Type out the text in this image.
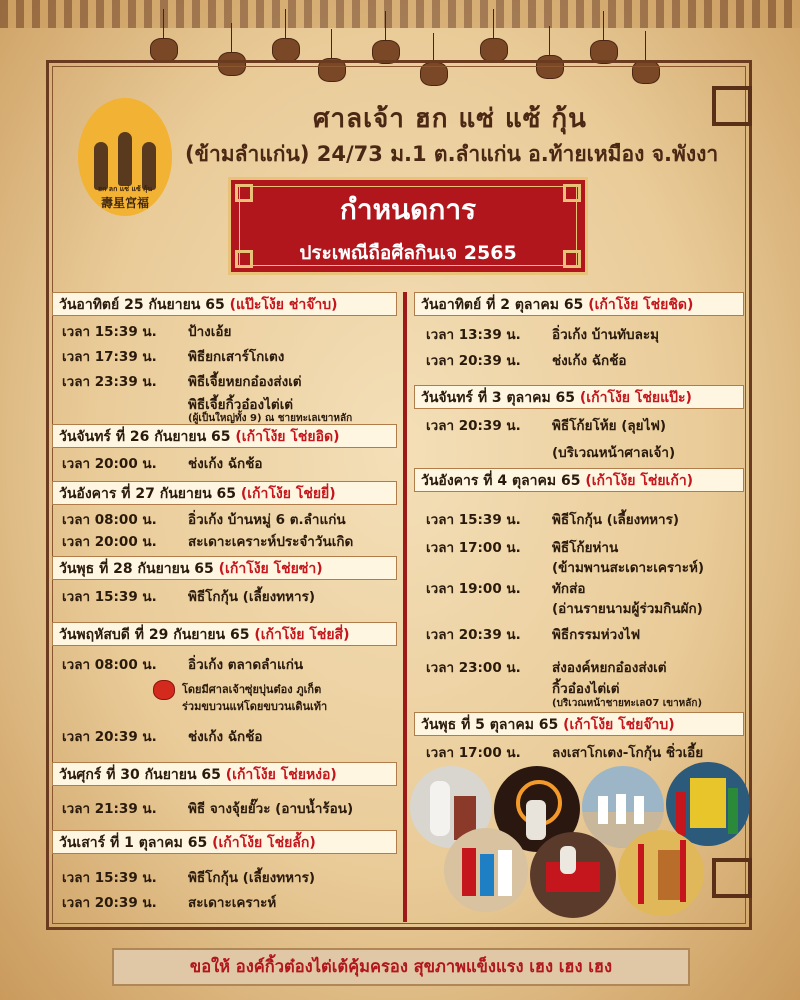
ฮก ลก แซ่ แซ้ กุ้น
壽星宮福
ศาลเจ้า ฮก แซ่ แซ้ กุ้น
(ข้ามลำแก่น) 24/73 ม.1 ต.ลำแก่น อ.ท้ายเหมือง จ.พังงา
กำหนดการ
ประเพณีถือศีลกินเจ 2565
วันอาทิตย์ 25 กันยายน 65 (แป๊ะโง้ย ช่าจ๊าบ)
เวลา 15:39 น. ป้างเอ้ย
เวลา 17:39 น. พิธียกเสาร์โกเตง
เวลา 23:39 น. พิธีเจี้ยหยกอ๋องส่งเต่
พิธีเจี้ยกิ้วอ๋องไต่เต่
(ผู้เป็นใหญ่ทั้ง 9) ณ ชายทะเลเขาหลัก
วันจันทร์ ที่ 26 กันยายน 65 (เก้าโง้ย โช่ยอิด)
เวลา 20:00 น. ช่งเก้ง ฉักช้อ
วันอังคาร ที่ 27 กันยายน 65 (เก้าโง้ย โช่ยยี่)
เวลา 08:00 น. อิ่วเก้ง บ้านหมู่ 6 ต.ลำแก่น
เวลา 20:00 น. สะเดาะเคราะห์ประจำวันเกิด
วันพุธ ที่ 28 กันยายน 65 (เก้าโง้ย โช่ยซ่า)
เวลา 15:39 น. พิธีโกกุ้น (เลี้ยงทหาร)
วันพฤหัสบดี ที่ 29 กันยายน 65 (เก้าโง้ย โช่ยสี่)
เวลา 08:00 น. อิ่วเก้ง ตลาดลำแก่น
โดยมีศาลเจ้าซุ่ยบุ่นต๋อง ภูเก็ต
ร่วมขบวนแห่โดยขบวนเดินเท้า
เวลา 20:39 น. ช่งเก้ง ฉักช้อ
วันศุกร์ ที่ 30 กันยายน 65 (เก้าโง้ย โช่ยหง่อ)
เวลา 21:39 น. พิธี จางจุ้ยยั๊วะ (อาบน้ำร้อน)
วันเสาร์ ที่ 1 ตุลาคม 65 (เก้าโง้ย โช่ยลั้ก)
เวลา 15:39 น. พิธีโกกุ้น (เลี้ยงทหาร)
เวลา 20:39 น. สะเดาะเคราะห์
วันอาทิตย์ ที่ 2 ตุลาคม 65 (เก้าโง้ย โช่ยชิด)
เวลา 13:39 น. อิ่วเก้ง บ้านทับละมุ
เวลา 20:39 น. ช่งเก้ง ฉักช้อ
วันจันทร์ ที่ 3 ตุลาคม 65 (เก้าโง้ย โช่ยแป๊ะ)
เวลา 20:39 น. พิธีโก้ยโห้ย (ลุยไฟ)
(บริเวณหน้าศาลเจ้า)
วันอังคาร ที่ 4 ตุลาคม 65 (เก้าโง้ย โช่ยเก้า)
เวลา 15:39 น. พิธีโกกุ้น (เลี้ยงทหาร)
เวลา 17:00 น. พิธีโก้ยห่าน
(ข้ามพานสะเดาะเคราะห์)
เวลา 19:00 น. ทักส่อ
(อ่านรายนามผู้ร่วมกินผัก)
เวลา 20:39 น. พิธีกรรมห่วงไฟ
เวลา 23:00 น. ส่งองค์หยกอ๋องส่งเต่
กิ้วอ๋องไต่เต่
(บริเวณหน้าชายทะเล07 เขาหลัก)
วันพุธ ที่ 5 ตุลาคม 65 (เก้าโง้ย โช่ยจ๊าบ)
เวลา 17:00 น. ลงเสาโกเตง-โกกุ้น ชิ่วเอี้ย
ขอให้ องค์กิ้วต๋องไต่เต้คุ้มครอง สุขภาพแข็งแรง เฮง เฮง เฮง
